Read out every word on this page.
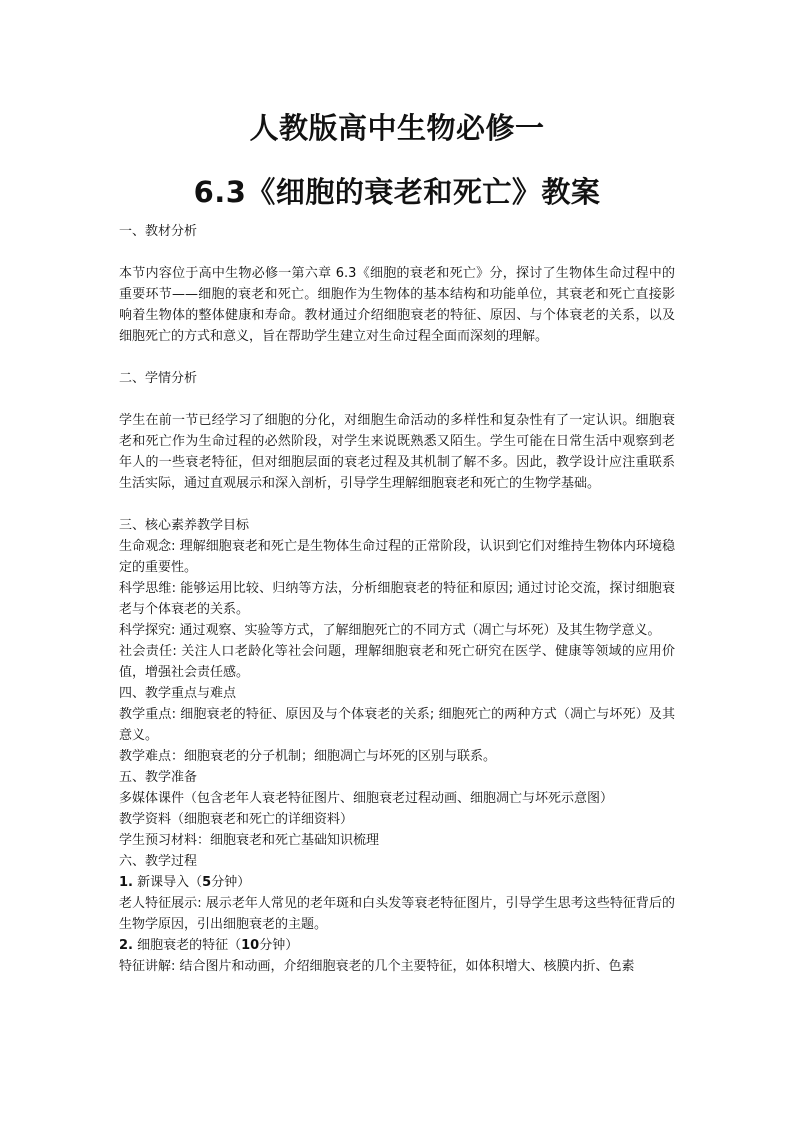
人教版高中生物必修一
6.3《细胞的衰老和死亡》教案

一、教材分析

本节内容位于高中生物必修一第六章 6.3《细胞的衰老和死亡》分，探讨了生物体生命过程中的重要环节——细胞的衰老和死亡。细胞作为生物体的基本结构和功能单位，其衰老和死亡直接影响着生物体的整体健康和寿命。教材通过介绍细胞衰老的特征、原因、与个体衰老的关系，以及细胞死亡的方式和意义，旨在帮助学生建立对生命过程全面而深刻的理解。

二、学情分析

学生在前一节已经学习了细胞的分化，对细胞生命活动的多样性和复杂性有了一定认识。细胞衰老和死亡作为生命过程的必然阶段，对学生来说既熟悉又陌生。学生可能在日常生活中观察到老年人的一些衰老特征，但对细胞层面的衰老过程及其机制了解不多。因此，教学设计应注重联系生活实际，通过直观展示和深入剖析，引导学生理解细胞衰老和死亡的生物学基础。

三、核心素养教学目标

生命观念: 理解细胞衰老和死亡是生物体生命过程的正常阶段，认识到它们对维持生物体内环境稳定的重要性。

科学思维: 能够运用比较、归纳等方法，分析细胞衰老的特征和原因; 通过讨论交流，探讨细胞衰老与个体衰老的关系。

科学探究: 通过观察、实验等方式，了解细胞死亡的不同方式（凋亡与坏死）及其生物学意义。

社会责任: 关注人口老龄化等社会问题，理解细胞衰老和死亡研究在医学、健康等领域的应用价值，增强社会责任感。

四、教学重点与难点

教学重点: 细胞衰老的特征、原因及与个体衰老的关系; 细胞死亡的两种方式（凋亡与坏死）及其意义。

教学难点：细胞衰老的分子机制；细胞凋亡与坏死的区别与联系。

五、教学准备

多媒体课件（包含老年人衰老特征图片、细胞衰老过程动画、细胞凋亡与坏死示意图）

教学资料（细胞衰老和死亡的详细资料）

学生预习材料：细胞衰老和死亡基础知识梳理

六、教学过程

1. 新课导入（5分钟）

老人特征展示: 展示老年人常见的老年斑和白头发等衰老特征图片，引导学生思考这些特征背后的生物学原因，引出细胞衰老的主题。

2. 细胞衰老的特征（10分钟）

特征讲解: 结合图片和动画，介绍细胞衰老的几个主要特征，如体积增大、核膜内折、色素
